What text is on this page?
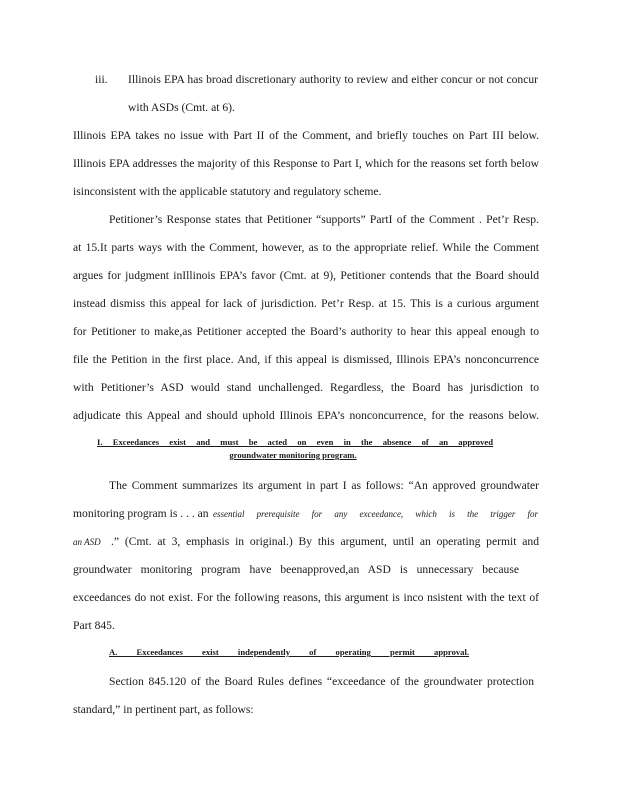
iii. Illinois EPA has broad discretionary authority to review and either concur or not concur
with ASDs (Cmt. at 6).
Illinois EPA takes no issue with Part II of the Comment, and briefly touches on Part III below.
Illinois EPA addresses the majority of this Response to Part I, which for the reasons set forth below
isinconsistent with the applicable statutory and regulatory scheme.
Petitioner’s Response states that Petitioner “supports” PartI of the Comment . Pet’r Resp.
at 15.It parts ways with the Comment, however, as to the appropriate relief. While the Comment
argues for judgment inIllinois EPA’s favor (Cmt. at 9), Petitioner contends that the Board should
instead dismiss this appeal for lack of jurisdiction. Pet’r Resp. at 15. This is a curious argument
for Petitioner to make,as Petitioner accepted the Board’s authority to hear this appeal enough to
file the Petition in the first place. And, if this appeal is dismissed, Illinois EPA’s nonconcurrence
with Petitioner’s ASD would stand unchallenged. Regardless, the Board has jurisdiction to
adjudicate this Appeal and should uphold Illinois EPA’s nonconcurrence, for the reasons below.
I. Exceedances exist and must be acted on even in the absence of an approved
groundwater monitoring program.
The Comment summarizes its argument in part I as follows: “An approved groundwater
monitoring program is . . . an essential prerequisite for any exceedance, which is the trigger for
an ASD .” (Cmt. at 3, emphasis in original.) By this argument, until an operating permit and
groundwater monitoring program have beenapproved,an ASD is unnecessary because
exceedances do not exist. For the following reasons, this argument is inco nsistent with the text of
Part 845.
A. Exceedances exist independently of operating permit approval.
Section 845.120 of the Board Rules defines “exceedance of the groundwater protection
standard,” in pertinent part, as follows:
